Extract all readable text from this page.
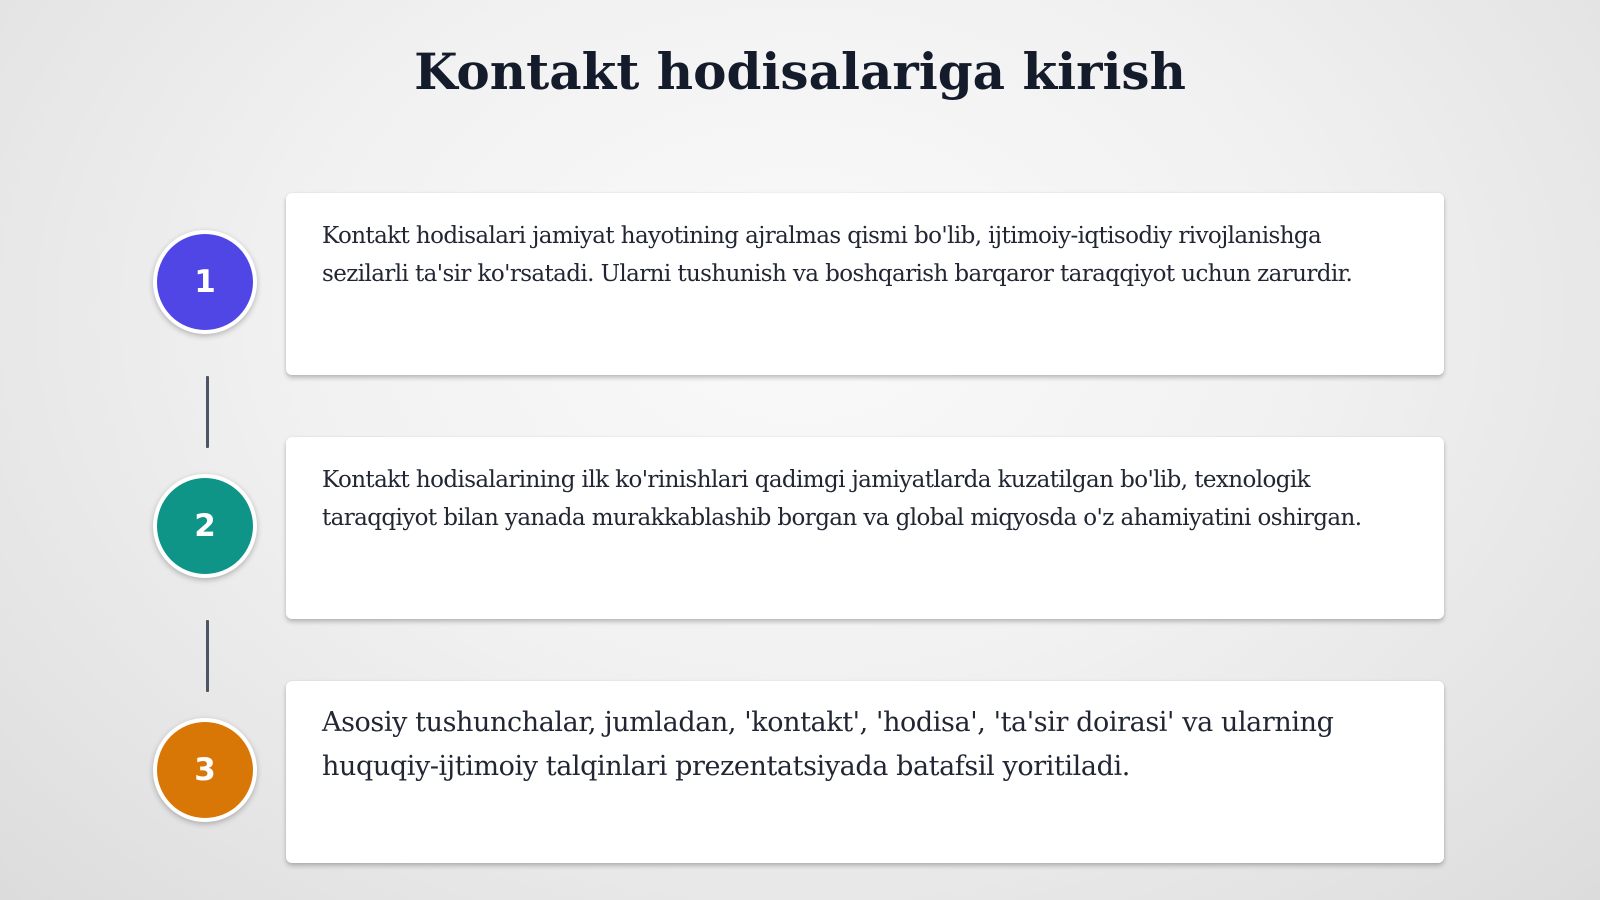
Kontakt hodisalariga kirish
1
2
3

Kontakt hodisalari jamiyat hayotining ajralmas qismi bo'lib, ijtimoiy-iqtisodiy rivojlanishga sezilarli ta'sir ko'rsatadi. Ularni tushunish va boshqarish barqaror taraqqiyot uchun zarurdir.

Kontakt hodisalarining ilk ko'rinishlari qadimgi jamiyatlarda kuzatilgan bo'lib, texnologik taraqqiyot bilan yanada murakkablashib borgan va global miqyosda o'z ahamiyatini oshirgan.

Asosiy tushunchalar, jumladan, 'kontakt', 'hodisa', 'ta'sir doirasi' va ularning huquqiy-ijtimoiy talqinlari prezentatsiyada batafsil yoritiladi.
